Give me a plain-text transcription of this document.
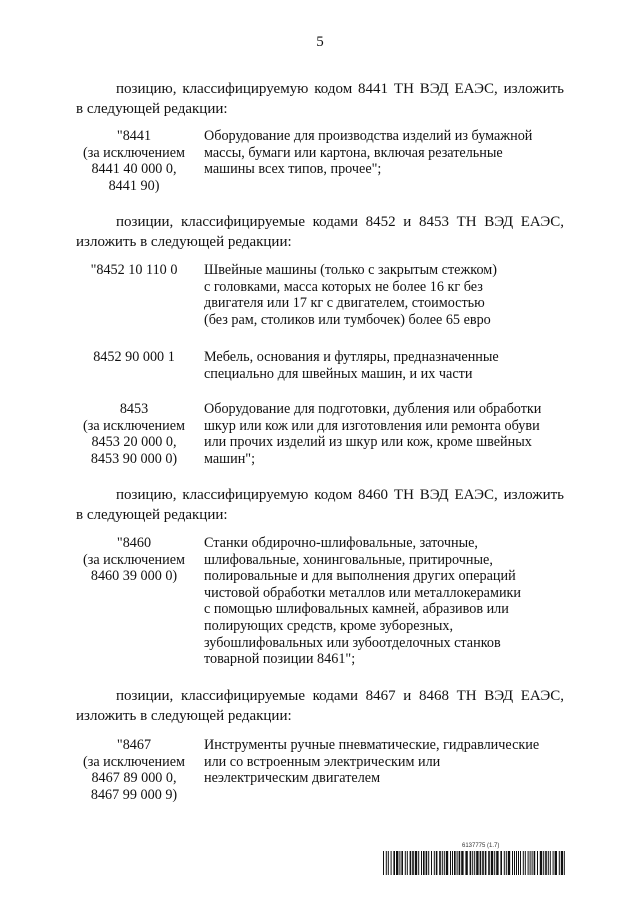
5
позицию, классифицируемую кодом 8441 ТН ВЭД ЕАЭС, изложить
в следующей редакции:
"8441
(за исключением
8441 40 000 0,
8441 90)
Оборудование для производства изделий из бумажной
массы, бумаги или картона, включая резательные
машины всех типов, прочее";
позиции, классифицируемые кодами 8452 и 8453 ТН ВЭД ЕАЭС,
изложить в следующей редакции:
"8452 10 110 0	Швейные машины (только с закрытым стежком)
с головками, масса которых не более 16 кг без
двигателя или 17 кг с двигателем, стоимостью
(без рам, столиков или тумбочек) более 65 евро
8452 90 000 1	Мебель, основания и футляры, предназначенные
специально для швейных машин, и их части
8453
(за исключением
8453 20 000 0,
8453 90 000 0)
Оборудование для подготовки, дубления или обработки
шкур или кож или для изготовления или ремонта обуви
или прочих изделий из шкур или кож, кроме швейных
машин";
позицию, классифицируемую кодом 8460 ТН ВЭД ЕАЭС, изложить
в следующей редакции:
"8460
(за исключением
8460 39 000 0)
Станки обдирочно-шлифовальные, заточные,
шлифовальные, хонинговальные, притирочные,
полировальные и для выполнения других операций
чистовой обработки металлов или металлокерамики
с помощью шлифовальных камней, абразивов или
полирующих средств, кроме зуборезных,
зубошлифовальных или зубоотделочных станков
товарной позиции 8461";
позиции, классифицируемые кодами 8467 и 8468 ТН ВЭД ЕАЭС,
изложить в следующей редакции:
"8467
(за исключением
8467 89 000 0,
8467 99 000 9)
Инструменты ручные пневматические, гидравлические
или со встроенным электрическим или
неэлектрическим двигателем
6137775 (1.7)
